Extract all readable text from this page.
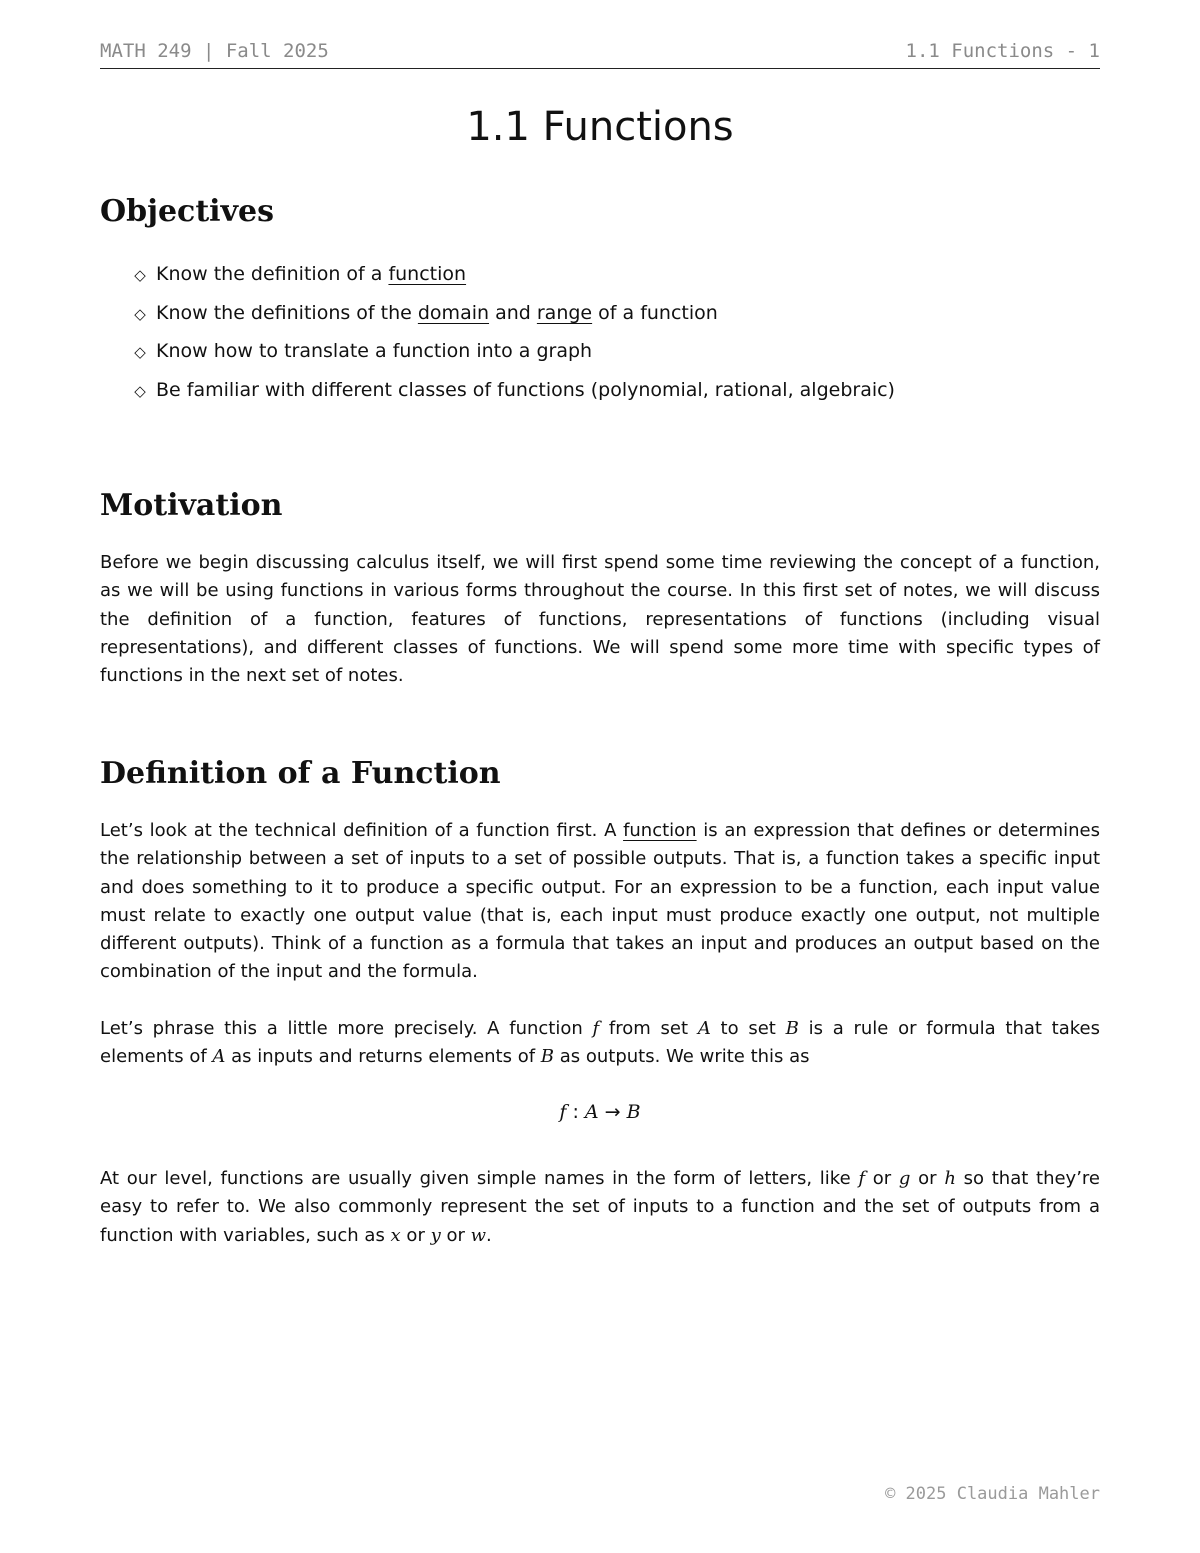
MATH 249 | Fall 2025	1.1 Functions - 1
1.1 Functions
Objectives
◇ Know the definition of a function
◇ Know the definitions of the domain and range of a function
◇ Know how to translate a function into a graph
◇ Be familiar with different classes of functions (polynomial, rational, algebraic)
Motivation

Before we begin discussing calculus itself, we will first spend some time reviewing the concept of a function, as we will be using functions in various forms throughout the course. In this first set of notes, we will discuss the definition of a function, features of functions, representations of functions (including visual representations), and different classes of functions. We will spend some more time with specific types of functions in the next set of notes.

Definition of a Function

Let’s look at the technical definition of a function first. A function is an expression that defines or determines the relationship between a set of inputs to a set of possible outputs. That is, a function takes a specific input and does something to it to produce a specific output. For an expression to be a function, each input value must relate to exactly one output value (that is, each input must produce exactly one output, not multiple different outputs). Think of a function as a formula that takes an input and produces an output based on the combination of the input and the formula.

Let’s phrase this a little more precisely. A function f from set A to set B is a rule or formula that takes elements of A as inputs and returns elements of B as outputs. We write this as

f : A → B

At our level, functions are usually given simple names in the form of letters, like f or g or h so that they’re easy to refer to. We also commonly represent the set of inputs to a function and the set of outputs from a function with variables, such as x or y or w.

© 2025 Claudia Mahler
